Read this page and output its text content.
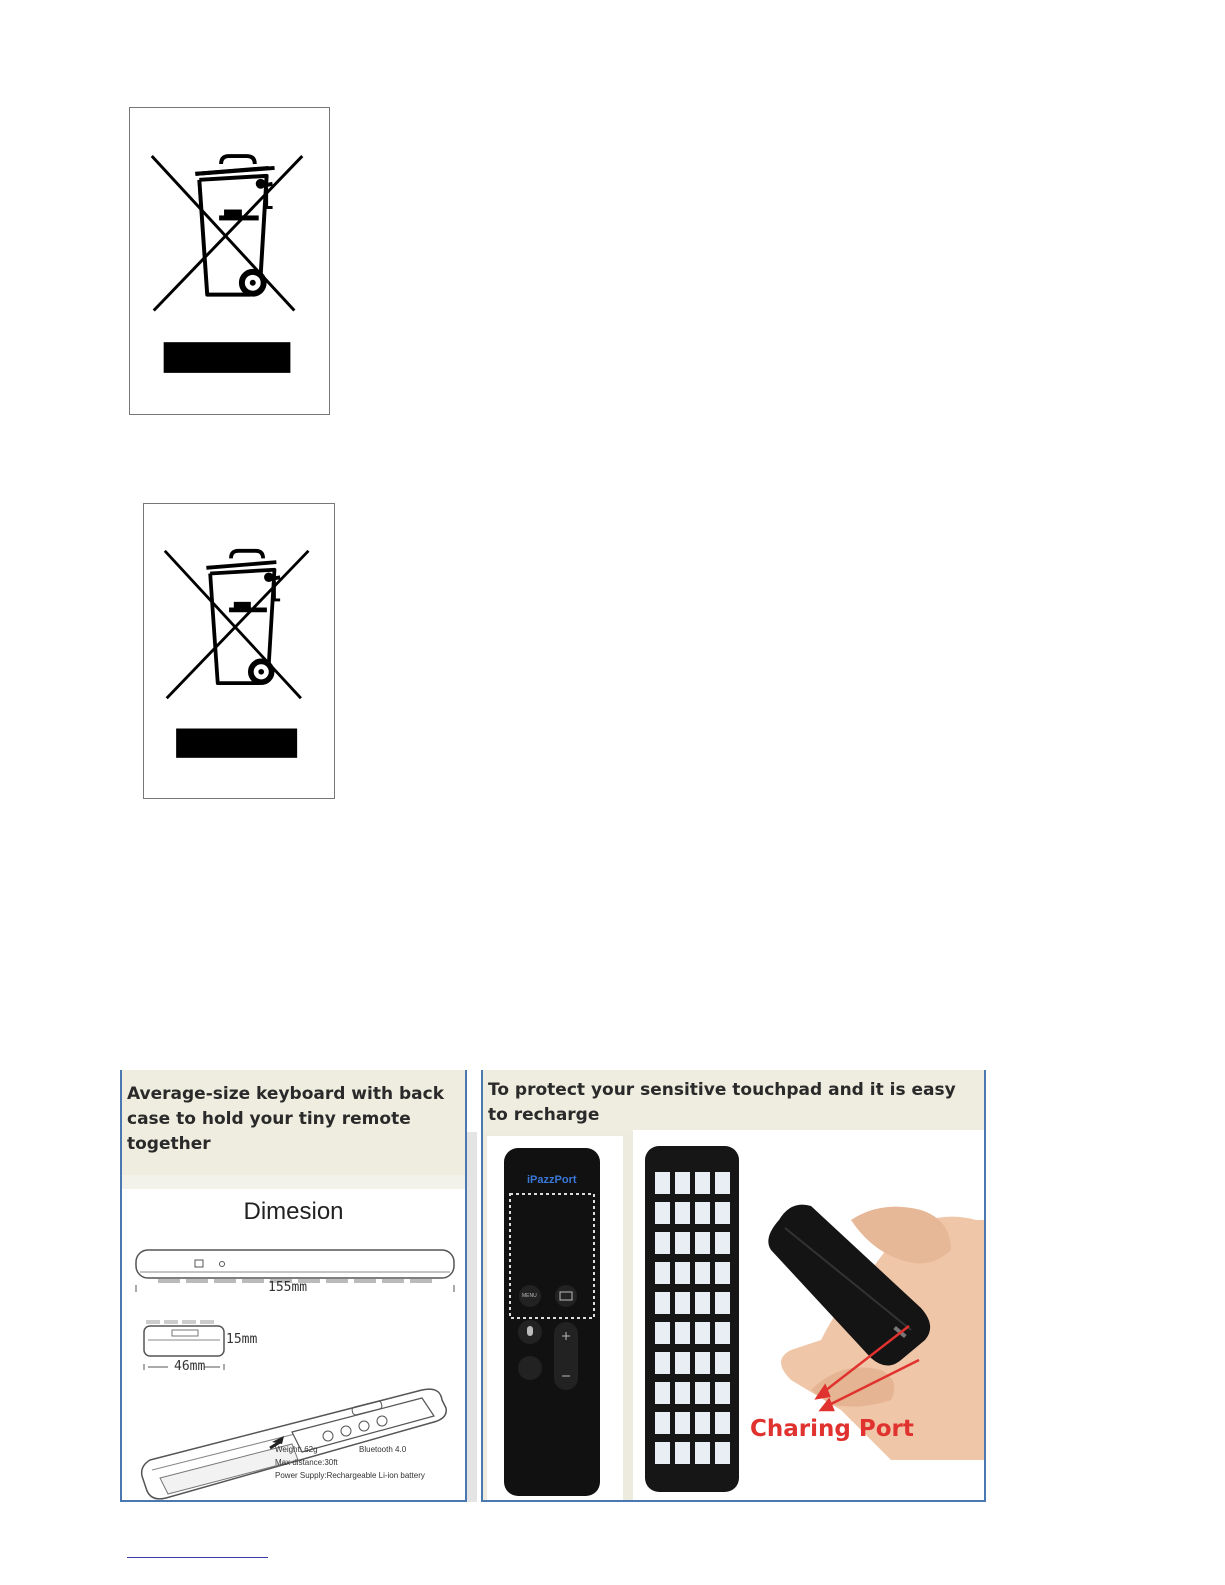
Average-size keyboard with back case to hold your tiny remote together
Dimesion
155mm
15mm
46mm
Weight: 62g	Bluetooth 4.0
Max distance:30ft
Power Supply:Rechargeable Li-ion battery
To protect your sensitive touchpad and it is easy to recharge
iPazzPort
MENU
Charing Port
